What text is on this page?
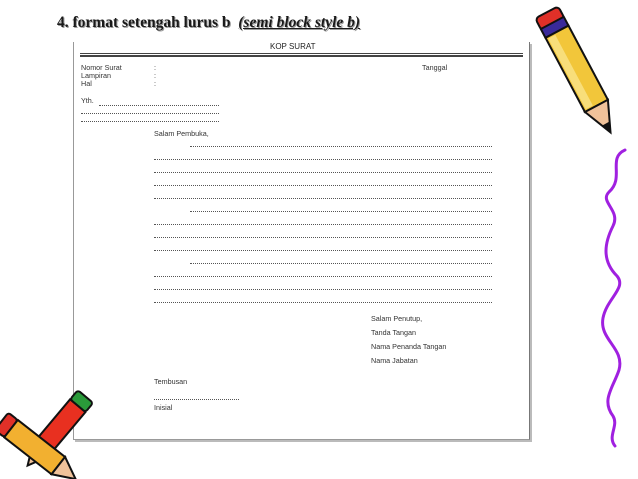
4. format setengah lurus b (semi block style b)
KOP SURAT
Nomor Surat
Lampiran
Hal
:
:
:
Tanggal
Yth.
Salam Pembuka,
Salam Penutup,
Tanda Tangan
Nama Penanda Tangan
Nama Jabatan
Tembusan
Inisial
